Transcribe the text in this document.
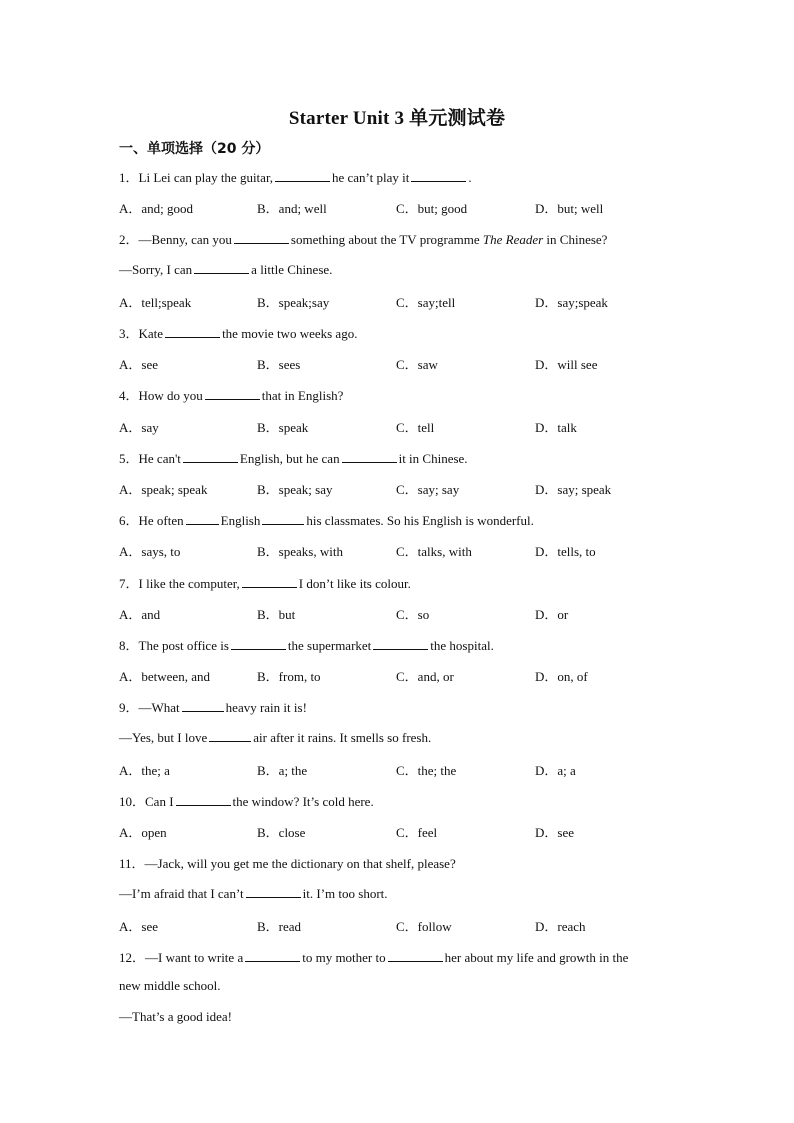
Starter Unit 3 单元测试卷
一、单项选择（20 分）
1．Li Lei can play the guitar,	he can’t play it	.
A．and; good	B．and; well	C．but; good	D．but; well
2．—Benny, can you	something about the TV programme The Reader in Chinese?
—Sorry, I can	a little Chinese.
A．tell;speak	B．speak;say	C．say;tell	D．say;speak
3．Kate	the movie two weeks ago.
A．see	B．sees	C．saw	D．will see
4．How do you	that in English?
A．say	B．speak	C．tell	D．talk
5．He can't	English, but he can	it in Chinese.
A．speak; speak	B．speak; say	C．say; say	D．say; speak
6．He often	English	his classmates. So his English is wonderful.
A．says, to	B．speaks, with	C．talks, with	D．tells, to
7．I like the computer,	I don’t like its colour.
A．and	B．but	C．so	D．or
8．The post office is	the supermarket	the hospital.
A．between, and	B．from, to	C．and, or	D．on, of
9．—What	heavy rain it is!
—Yes, but I love	air after it rains. It smells so fresh.
A．the; a	B．a; the	C．the; the	D．a; a
10．Can I	the window? It’s cold here.
A．open	B．close	C．feel	D．see
11．—Jack, will you get me the dictionary on that shelf, please?
—I’m afraid that I can’t	it. I’m too short.
A．see	B．read	C．follow	D．reach
12．—I want to write a	to my mother to	her about my life and growth in the
new middle school.
—That’s a good idea!
